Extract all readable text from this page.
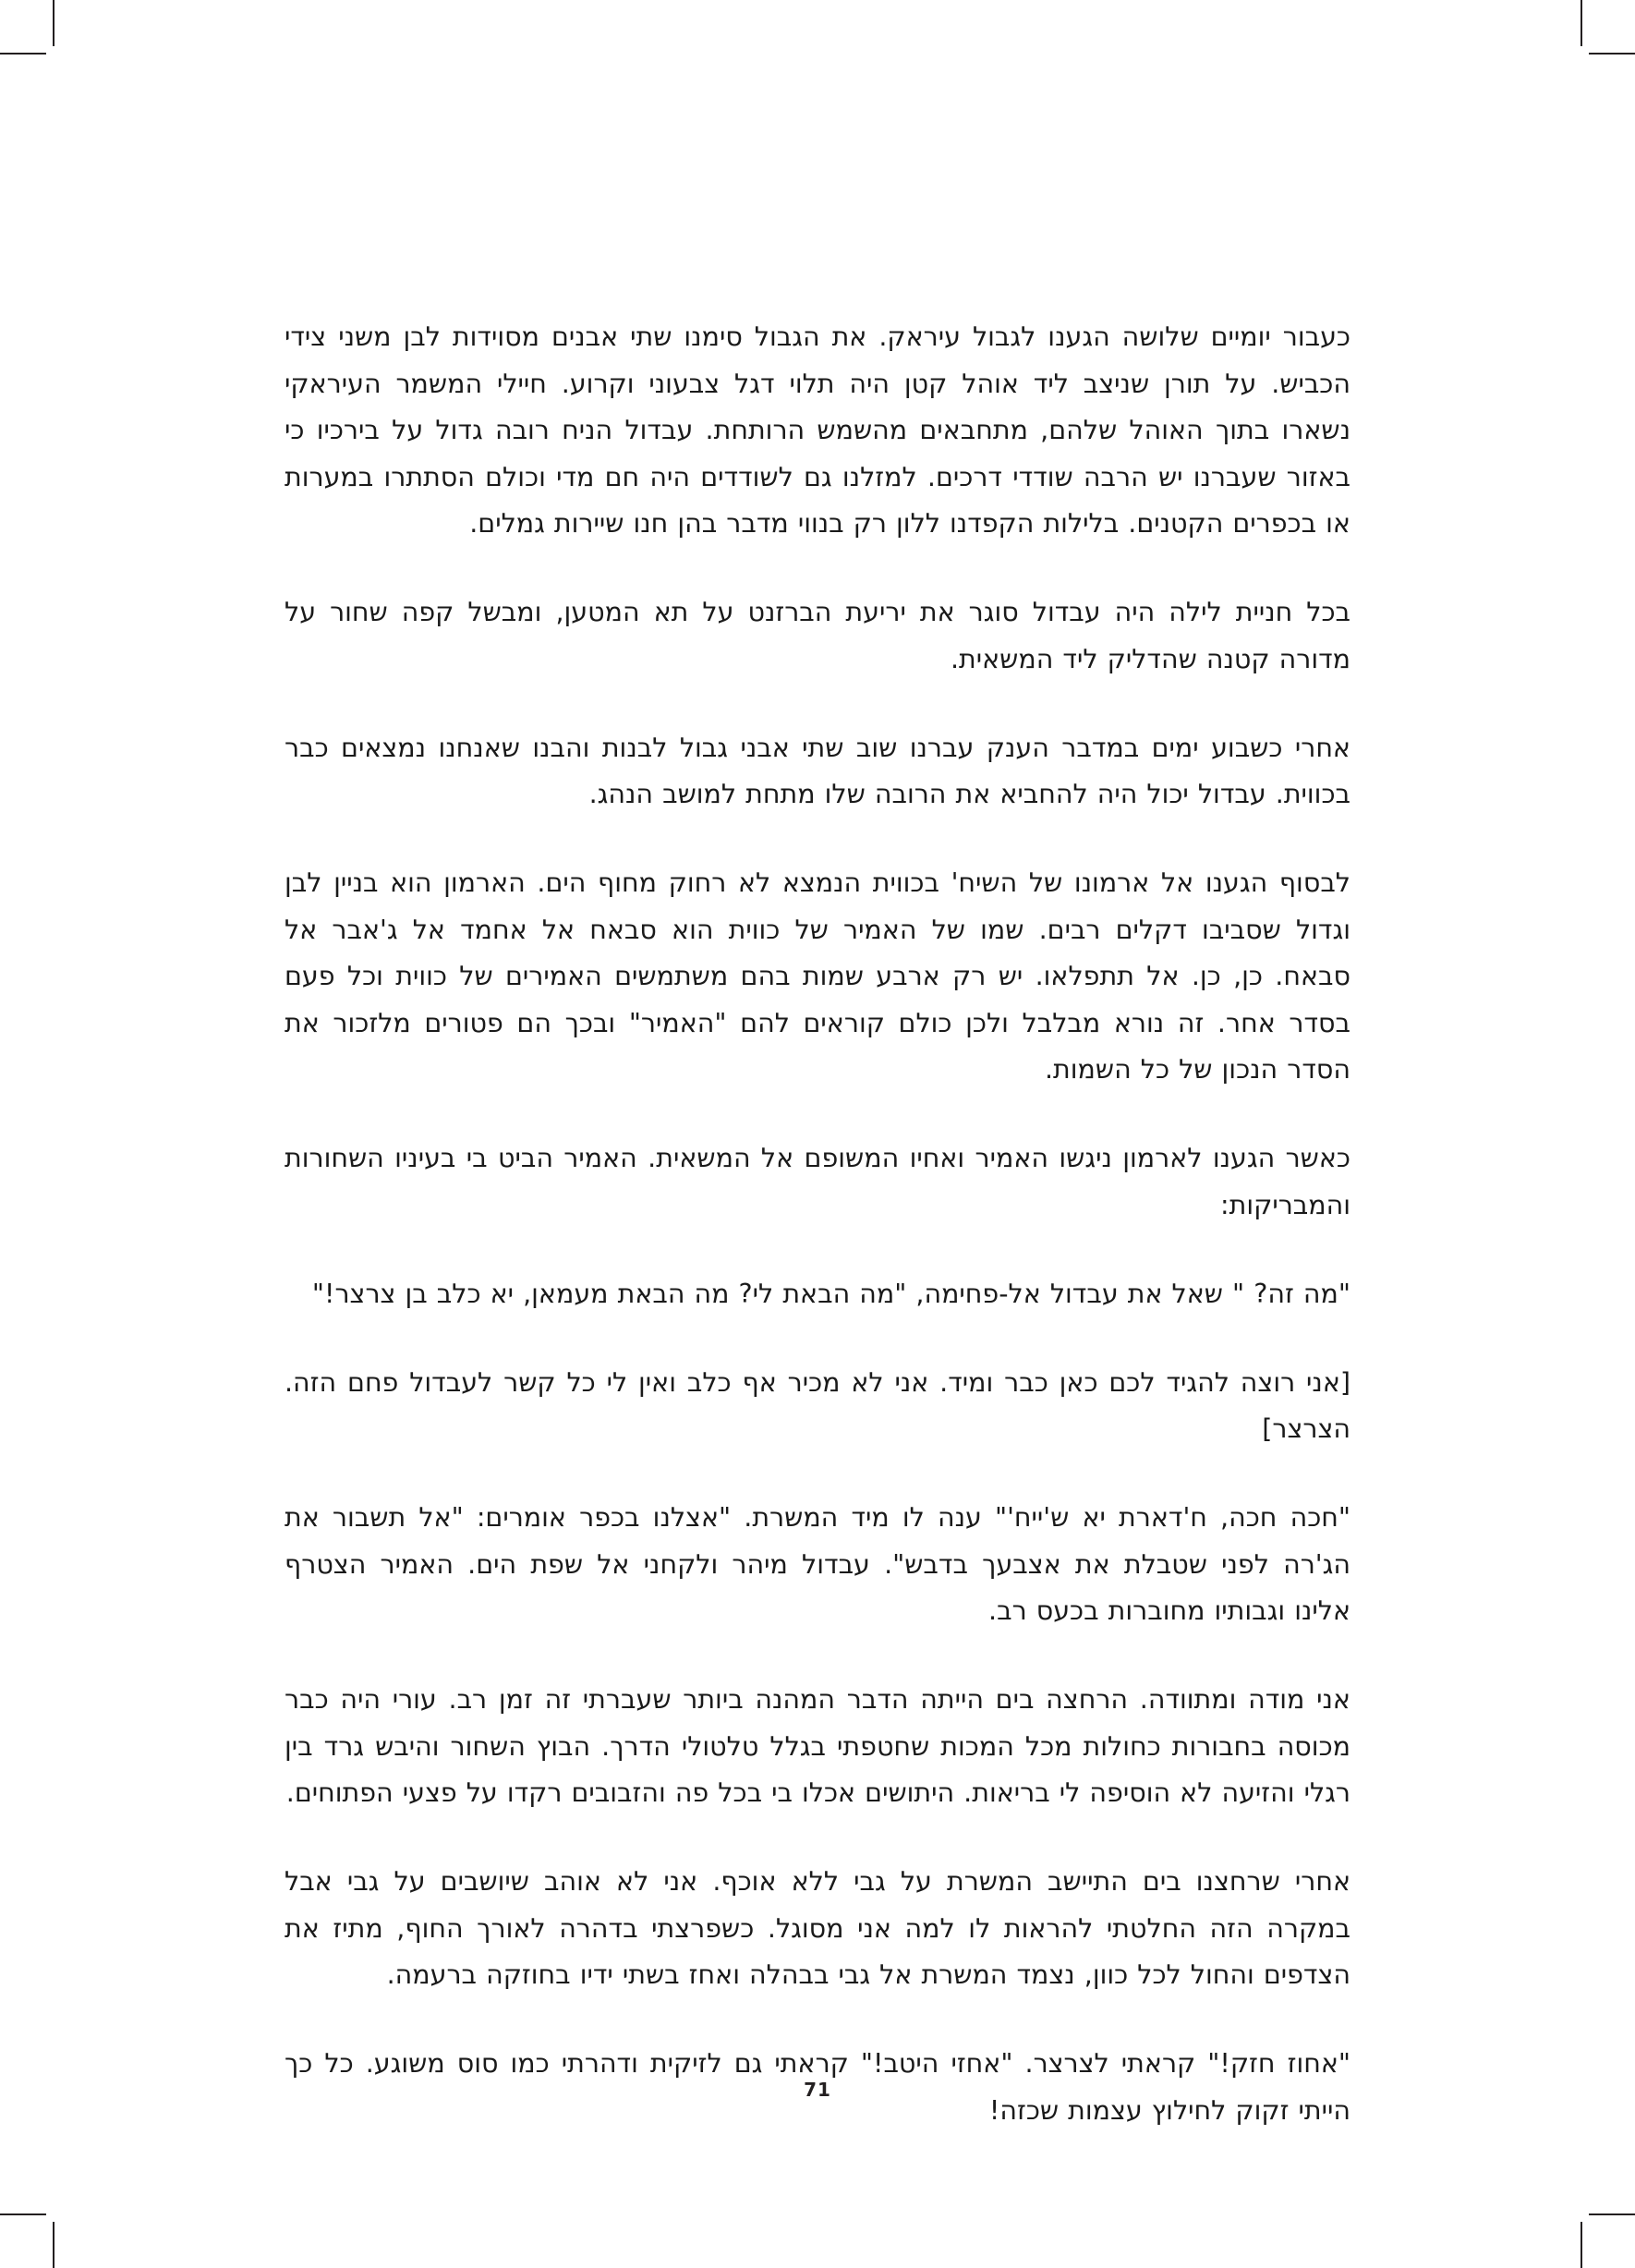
כעבור יומיים שלושה הגענו לגבול עיראק. את הגבול סימנו שתי אבנים מסוידות לבן משני צידי הכביש. על תורן שניצב ליד אוהל קטן היה תלוי דגל צבעוני וקרוע. חיילי המשמר העיראקי נשארו בתוך האוהל שלהם, מתחבאים מהשמש הרותחת. עבדול הניח רובה גדול על בירכיו כי באזור שעברנו יש הרבה שודדי דרכים. למזלנו גם לשודדים היה חם מדי וכולם הסתתרו במערות או בכפרים הקטנים. בלילות הקפדנו ללון רק בנווי מדבר בהן חנו שיירות גמלים.

בכל חניית לילה היה עבדול סוגר את יריעת הברזנט על תא המטען, ומבשל קפה שחור על מדורה קטנה שהדליק ליד המשאית.

אחרי כשבוע ימים במדבר הענק עברנו שוב שתי אבני גבול לבנות והבנו שאנחנו נמצאים כבר בכווית. עבדול יכול היה להחביא את הרובה שלו מתחת למושב הנהג.

לבסוף הגענו אל ארמונו של השיח' בכווית הנמצא לא רחוק מחוף הים. הארמון הוא בניין לבן וגדול שסביבו דקלים רבים. שמו של האמיר של כווית הוא סבאח אל אחמד אל ג'אבר אל סבאח. כן, כן. אל תתפלאו. יש רק ארבע שמות בהם משתמשים האמירים של כווית וכל פעם בסדר אחר. זה נורא מבלבל ולכן כולם קוראים להם "האמיר" ובכך הם פטורים מלזכור את הסדר הנכון של כל השמות.

כאשר הגענו לארמון ניגשו האמיר ואחיו המשופם אל המשאית. האמיר הביט בי בעיניו השחורות והמבריקות:

"מה זה? " שאל את עבדול אל-פחימה, "מה הבאת לי? מה הבאת מעמאן, יא כלב בן צרצר!"

[אני רוצה להגיד לכם כאן כבר ומיד. אני לא מכיר אף כלב ואין לי כל קשר לעבדול פחם הזה. הצרצר]

"חכה חכה, ח'דארת יא ש'ייח'" ענה לו מיד המשרת. "אצלנו בכפר אומרים: "אל תשבור את הג'רה לפני שטבלת את אצבעך בדבש". עבדול מיהר ולקחני אל שפת הים. האמיר הצטרף אלינו וגבותיו מחוברות בכעס רב.

אני מודה ומתוודה. הרחצה בים הייתה הדבר המהנה ביותר שעברתי זה זמן רב. עורי היה כבר מכוסה בחבורות כחולות מכל המכות שחטפתי בגלל טלטולי הדרך. הבוץ השחור והיבש גרד בין רגלי והזיעה לא הוסיפה לי בריאות. היתושים אכלו בי בכל פה והזבובים רקדו על פצעי הפתוחים.

אחרי שרחצנו בים התיישב המשרת על גבי ללא אוכף. אני לא אוהב שיושבים על גבי אבל במקרה הזה החלטתי להראות לו למה אני מסוגל. כשפרצתי בדהרה לאורך החוף, מתיז את הצדפים והחול לכל כוון, נצמד המשרת אל גבי בבהלה ואחז בשתי ידיו בחוזקה ברעמה.

"אחוז חזק!" קראתי לצרצר. "אחזי היטב!" קראתי גם לזיקית ודהרתי כמו סוס משוגע. כל כך הייתי זקוק לחילוץ עצמות שכזה!

71
